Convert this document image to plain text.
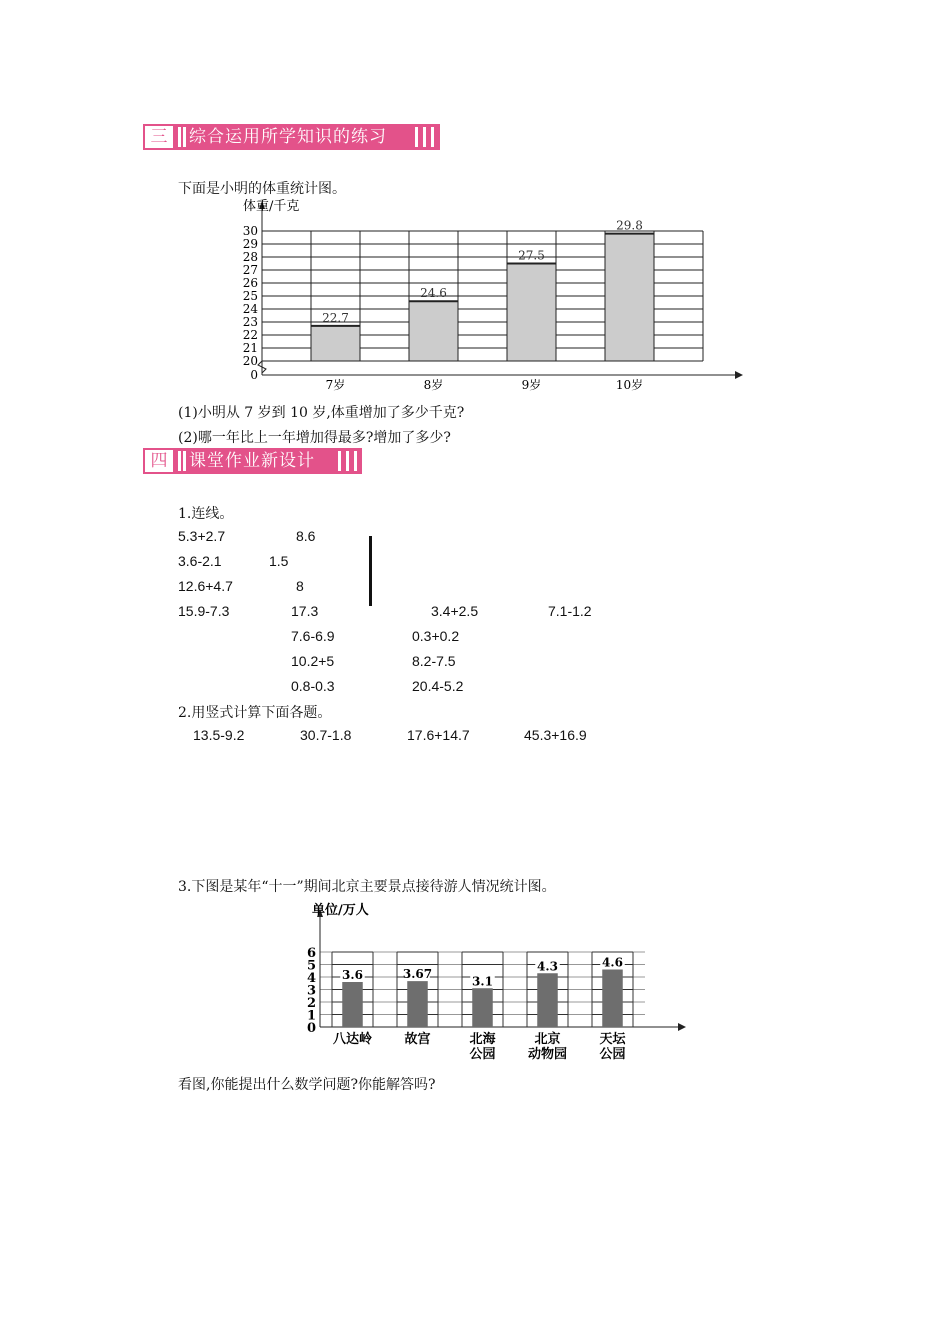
三	综合运用所学知识的练习
下面是小明的体重统计图。
22.7
24.6
27.5
29.8
0
20
21
22
23
24
25
26
27
28
29
30
7岁	8岁	9岁	10岁
体重/千克
(1)小明从 7 岁到 10 岁,体重增加了多少千克?
(2)哪一年比上一年增加得最多?增加了多少?
四	课堂作业新设计
1.连线。
5.3+2.7
3.6-2.1
12.6+4.7
15.9-7.3
8.6
1.5
8
17.3
7.6-6.9
10.2+5
0.8-0.3
3.4+2.5
0.3+0.2
8.2-7.5
20.4-5.2
7.1-1.2
2.用竖式计算下面各题。
13.5-9.2	30.7-1.8	17.6+14.7	45.3+16.9
3.下图是某年“十一”期间北京主要景点接待游人情况统计图。
3.6	3.67
3.1
4.3	4.6
0
1
2
3
4
5
6
八达岭 故宫	北海
公园
北京
动物园
天坛
公园
单位/万人
看图,你能提出什么数学问题?你能解答吗?
